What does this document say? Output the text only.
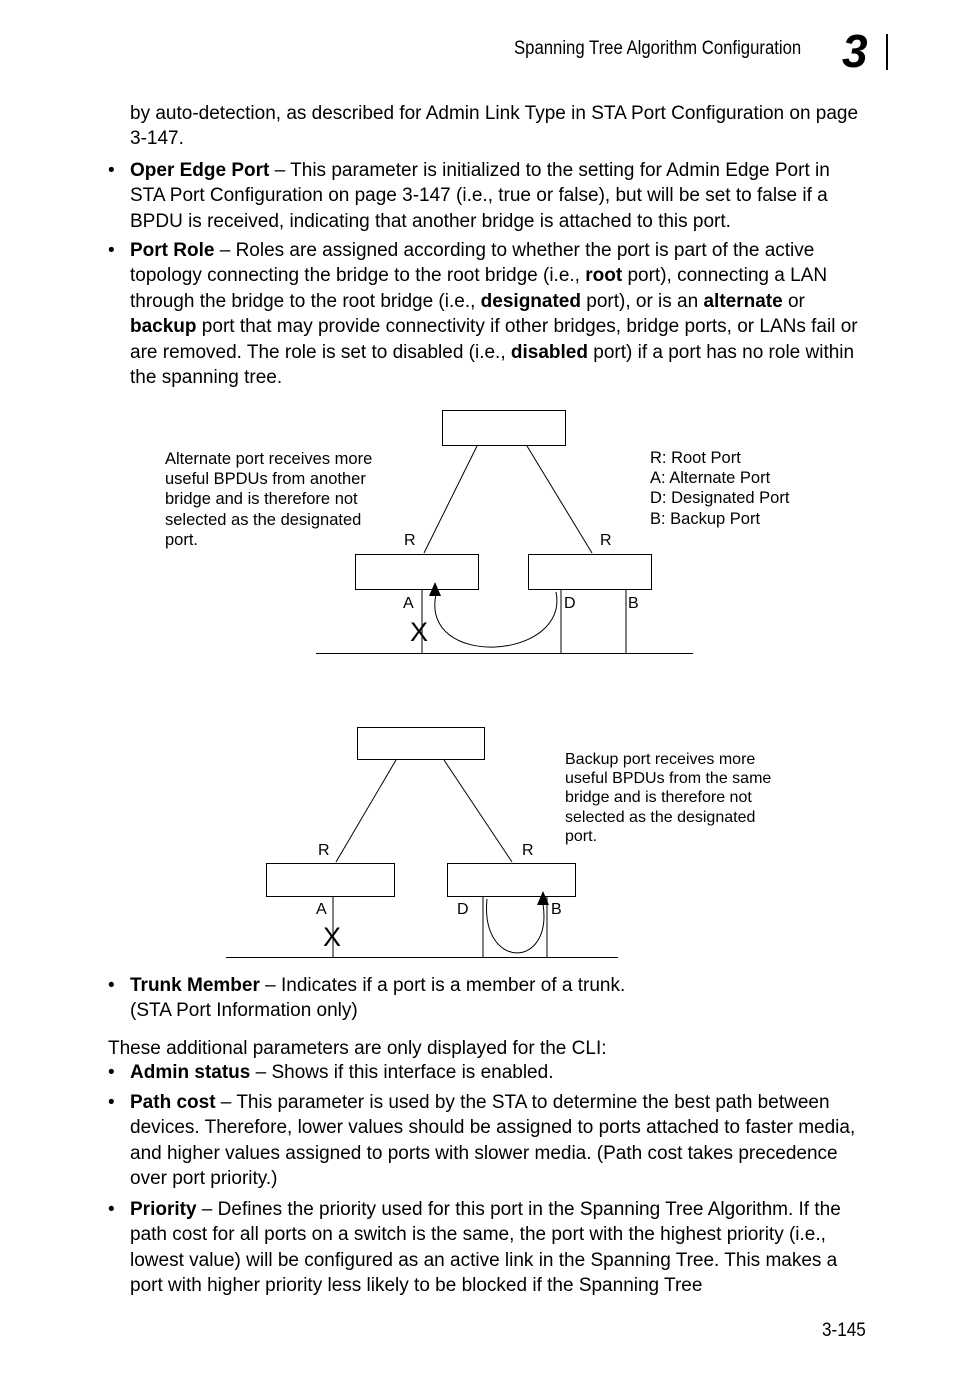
Spanning Tree Algorithm Configuration 3
by auto-detection, as described for Admin Link Type in STA Port Configuration on page 3-147.
• Oper Edge Port – This parameter is initialized to the setting for Admin Edge Port in STA Port Configuration on page 3-147 (i.e., true or false), but will be set to false if a BPDU is received, indicating that another bridge is attached to this port.
• Port Role – Roles are assigned according to whether the port is part of the active topology connecting the bridge to the root bridge (i.e., root port), connecting a LAN through the bridge to the root bridge (i.e., designated port), or is an alternate or backup port that may provide connectivity if other bridges, bridge ports, or LANs fail or are removed. The role is set to disabled (i.e., disabled port) if a port has no role within the spanning tree.
R	R
A	D	B
X
R	R
A	D	B
X
Alternate port receives more
useful BPDUs from another
bridge and is therefore not
selected as the designated
port.
R: Root Port
A: Alternate Port
D: Designated Port
B: Backup Port
Backup port receives more
useful BPDUs from the same
bridge and is therefore not
selected as the designated
port.
• Trunk Member – Indicates if a port is a member of a trunk.
(STA Port Information only)
These additional parameters are only displayed for the CLI:
• Admin status – Shows if this interface is enabled.
• Path cost – This parameter is used by the STA to determine the best path between devices. Therefore, lower values should be assigned to ports attached to faster media, and higher values assigned to ports with slower media. (Path cost takes precedence over port priority.)
• Priority – Defines the priority used for this port in the Spanning Tree Algorithm. If the path cost for all ports on a switch is the same, the port with the highest priority (i.e., lowest value) will be configured as an active link in the Spanning Tree. This makes a port with higher priority less likely to be blocked if the Spanning Tree
3-145
